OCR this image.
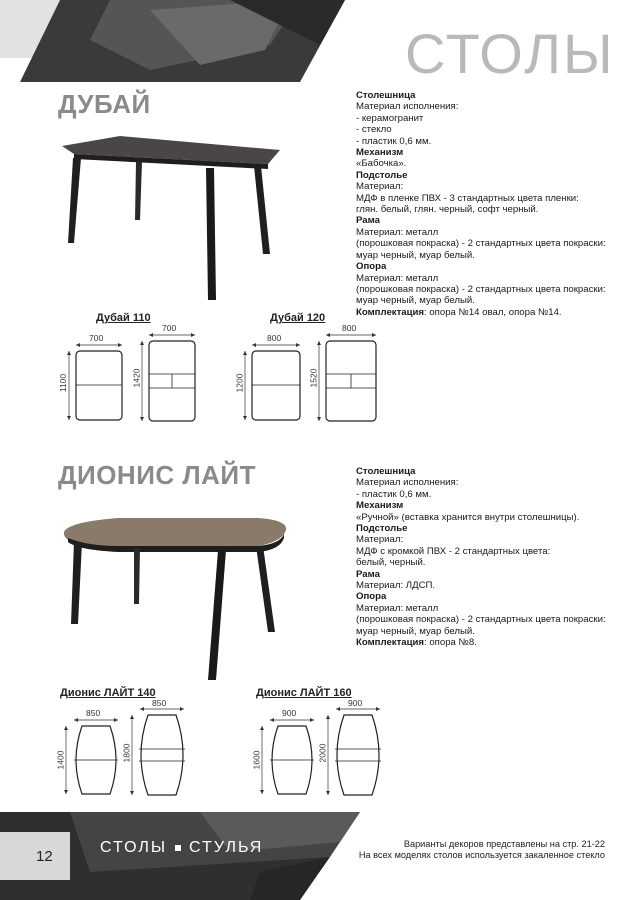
СТОЛЫ
ДУБАЙ	Столешница
Материал исполнения:
- керамогранит
- стекло
- пластик 0,6 мм.
Механизм
«Бабочка».
Подстолье
Материал:
МДФ в пленке ПВХ - 3 стандартных цвета пленки:
глян. белый, глян. черный, софт черный.
Рама
Материал: металл
(порошковая покраска) - 2 стандартных цвета покраски:
муар черный, муар белый.
Опора
Материал: металл
(порошковая покраска) - 2 стандартных цвета покраски:
муар черный, муар белый.
Комплектация: опора №14 овал, опора №14.
Дубай 110
700
1100
700
1420
Дубай 120
800
1200
800
1520
ДИОНИС ЛАЙТ	Столешница
Материал исполнения:
- пластик 0,6 мм.
Механизм
«Ручной» (вставка хранится внутри столешницы).
Подстолье
Материал:
МДФ с кромкой ПВХ - 2 стандартных цвета:
белый, черный.
Рама
Материал: ЛДСП.
Опора
Материал: металл
(порошковая покраска) - 2 стандартных цвета покраски:
муар черный, муар белый.
Комплектация: опора №8.
Дионис ЛАЙТ 140
850
1400
850
1800
Дионис ЛАЙТ 160
900
1600
900
2000
12
СТОЛЫ СТУЛЬЯ	Варианты декоров представлены на стр. 21-22
На всех моделях столов используется закаленное стекло
